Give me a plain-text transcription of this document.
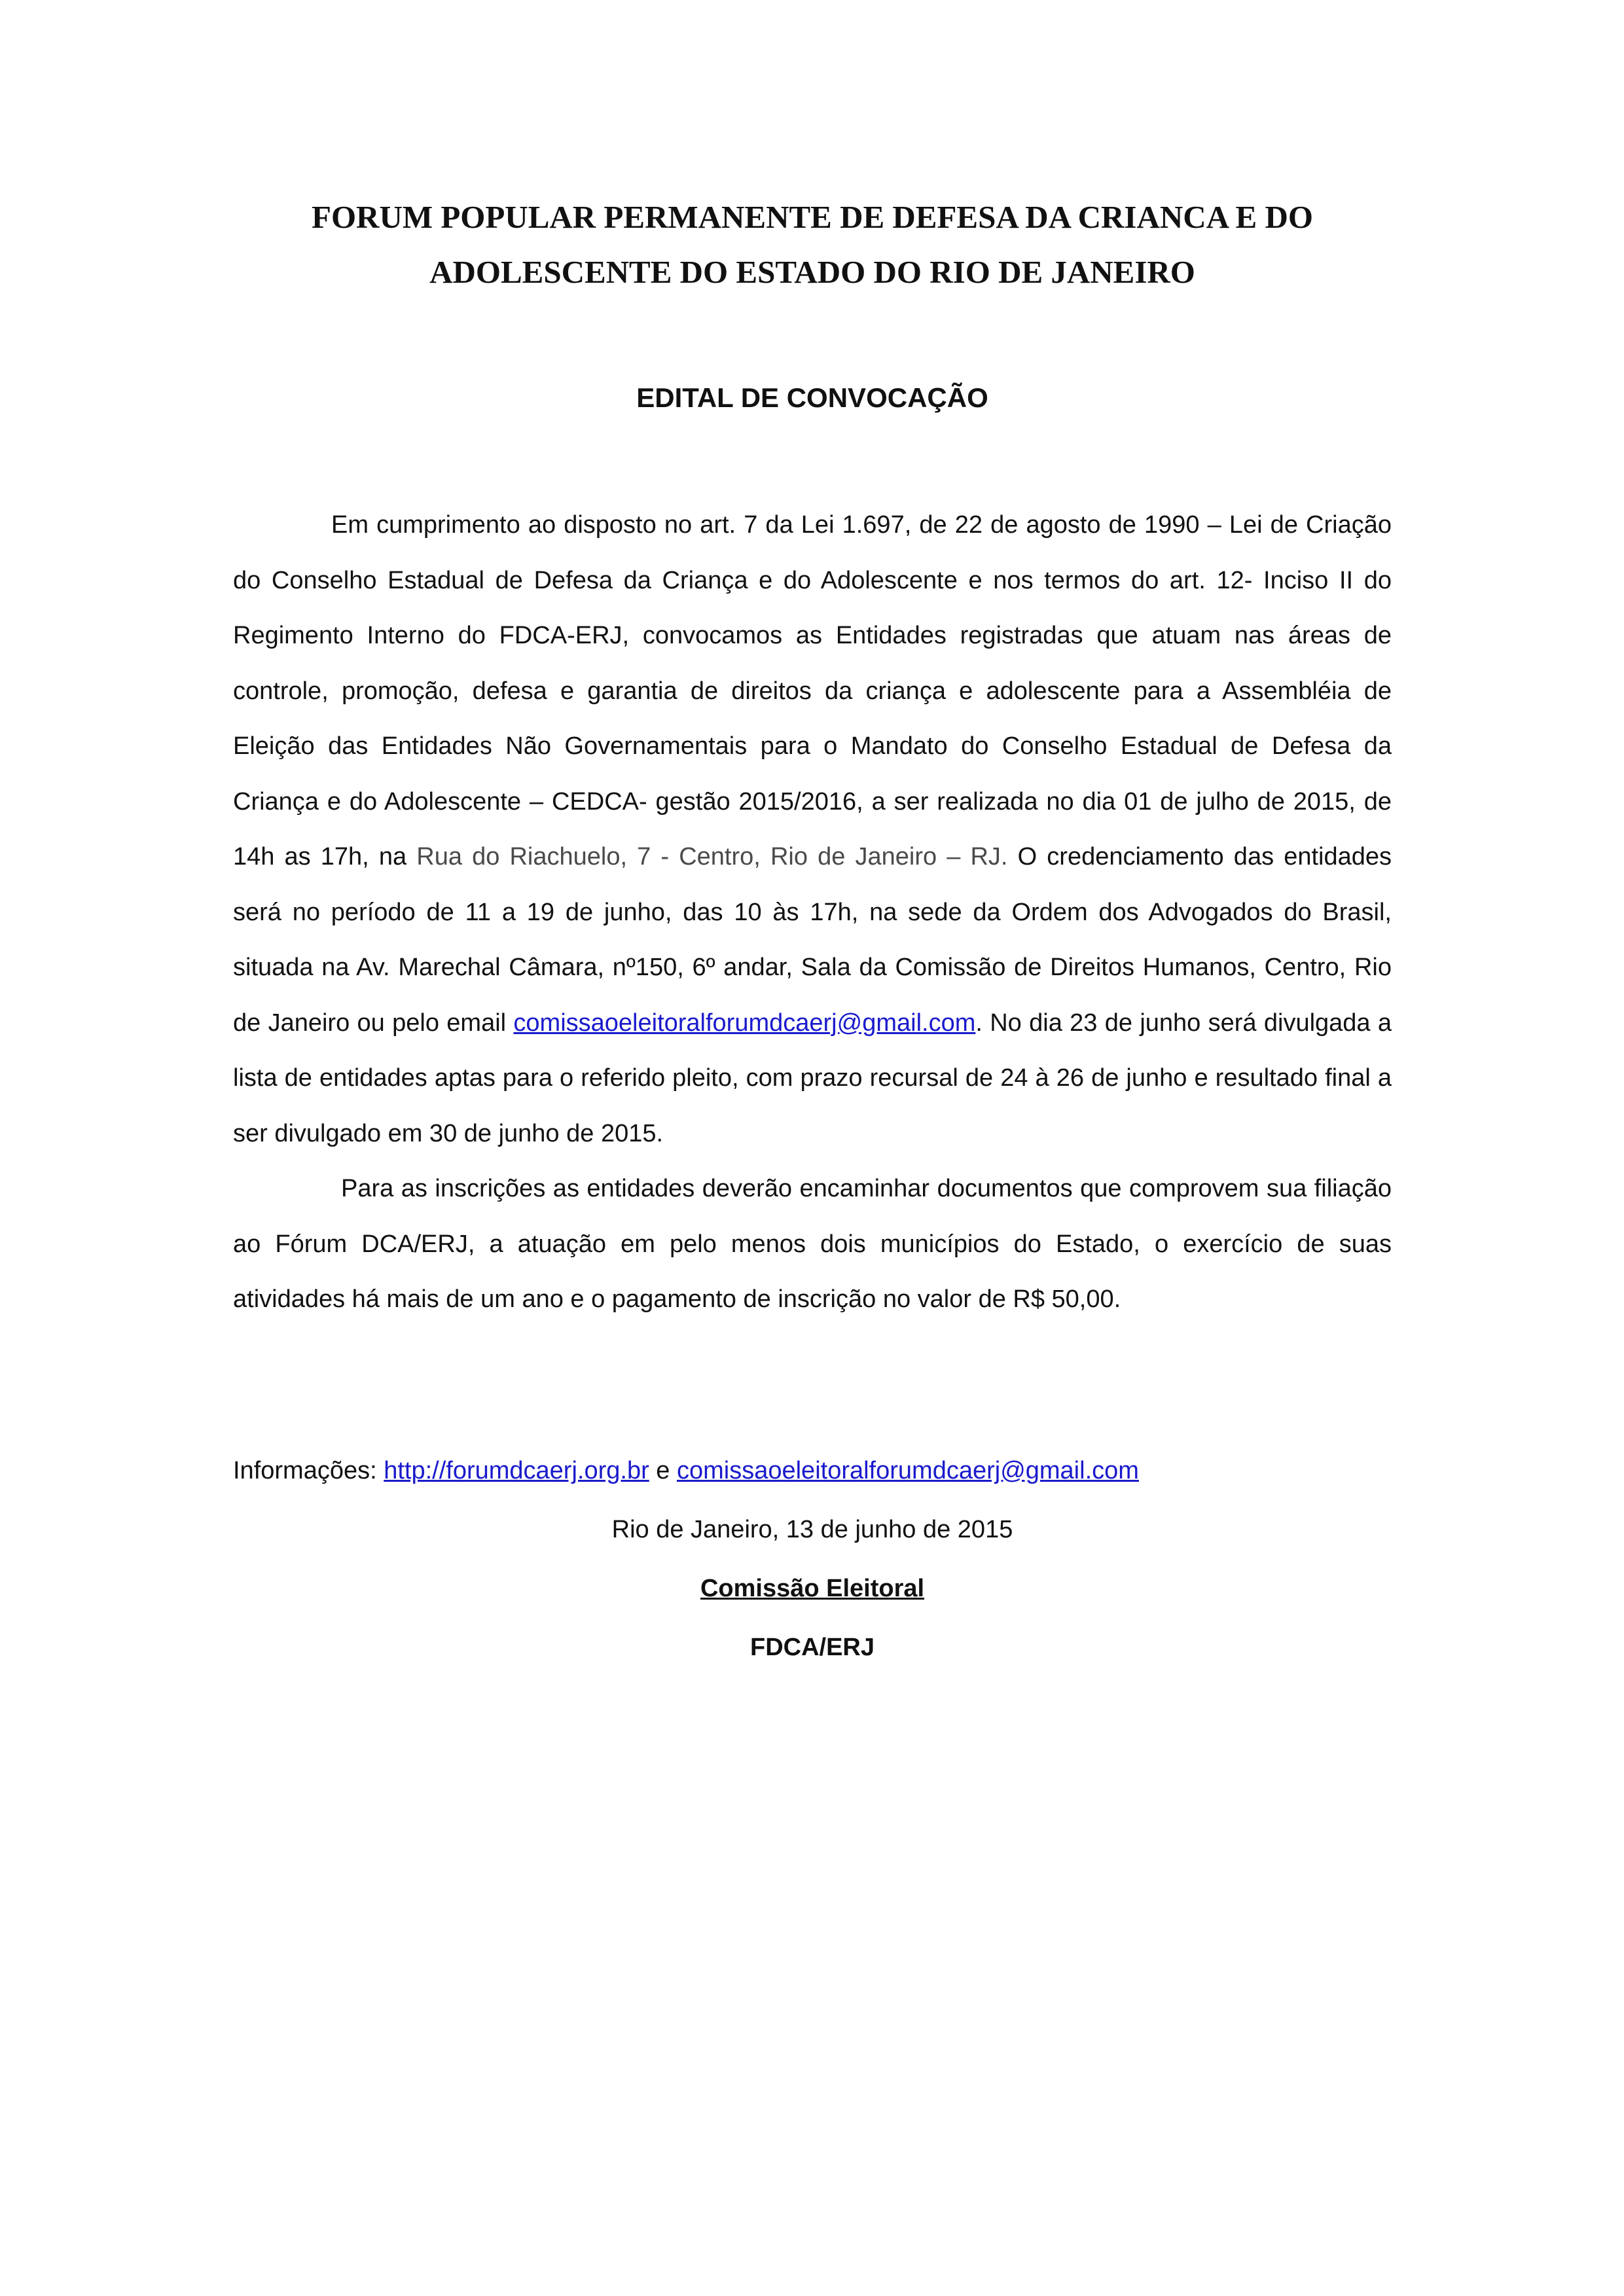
FORUM POPULAR PERMANENTE DE DEFESA DA CRIANCA E DO
ADOLESCENTE DO ESTADO DO RIO DE JANEIRO
EDITAL DE CONVOCAÇÃO

Em cumprimento ao disposto no art. 7 da Lei 1.697, de 22 de agosto de 1990 – Lei de Criação do Conselho Estadual de Defesa da Criança e do Adolescente e nos termos do art. 12- Inciso II do Regimento Interno do FDCA-ERJ, convocamos as Entidades registradas que atuam nas áreas de controle, promoção, defesa e garantia de direitos da criança e adolescente para a Assembléia de Eleição das Entidades Não Governamentais para o Mandato do Conselho Estadual de Defesa da Criança e do Adolescente – CEDCA- gestão 2015/2016, a ser realizada no dia 01 de julho de 2015, de 14h as 17h, na Rua do Riachuelo, 7 - Centro, Rio de Janeiro – RJ. O credenciamento das entidades será no período de 11 a 19 de junho, das 10 às 17h, na sede da Ordem dos Advogados do Brasil, situada na Av. Marechal Câmara, nº150, 6º andar, Sala da Comissão de Direitos Humanos, Centro, Rio de Janeiro ou pelo email comissaoeleitoralforumdcaerj@gmail.com. No dia 23 de junho será divulgada a lista de entidades aptas para o referido pleito, com prazo recursal de 24 à 26 de junho e resultado final a ser divulgado em 30 de junho de 2015.

Para as inscrições as entidades deverão encaminhar documentos que comprovem sua filiação ao Fórum DCA/ERJ, a atuação em pelo menos dois municípios do Estado, o exercício de suas atividades há mais de um ano e o pagamento de inscrição no valor de R$ 50,00.

Informações: http://forumdcaerj.org.br e comissaoeleitoralforumdcaerj@gmail.com

Rio de Janeiro, 13 de junho de 2015

Comissão Eleitoral

FDCA/ERJ
